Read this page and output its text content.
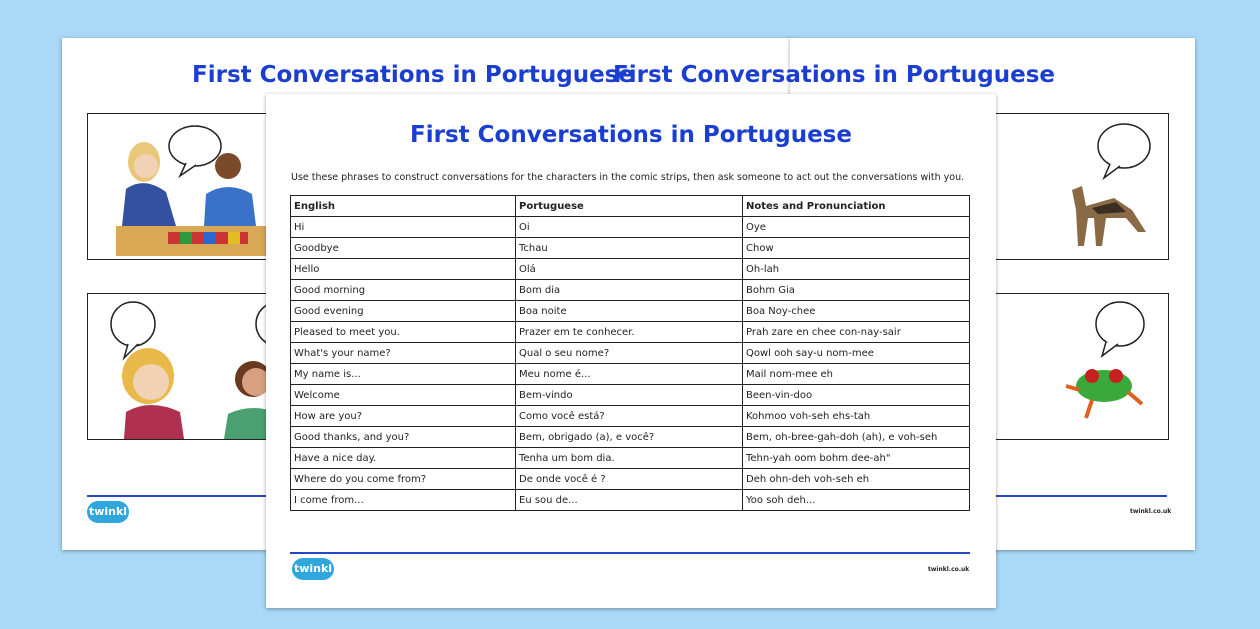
First Conversations in Portuguese
twinkl
First Conversations in Portuguese
twinkl.co.uk
First Conversations in Portuguese
Use these phrases to construct conversations for the characters in the comic strips, then ask someone to act out the conversations with you.
English	Portuguese	Notes and Pronunciation
Hi	Oi	Oye
Goodbye	Tchau	Chow
Hello	Olá	Oh-lah
Good morning	Bom dia	Bohm Gia
Good evening	Boa noite	Boa Noy-chee
Pleased to meet you.	Prazer em te conhecer.	Prah zare en chee con-nay-sair
What's your name?	Qual o seu nome?	Qowl ooh say-u nom-mee
My name is...	Meu nome é...	Mail nom-mee eh
Welcome	Bem-vindo	Been-vin-doo
How are you?	Como você está?	Kohmoo voh-seh ehs-tah
Good thanks, and you?	Bem, obrigado (a), e você?	Bem, oh-bree-gah-doh (ah), e voh-seh
Have a nice day.	Tenha um bom dia.	Tehn-yah oom bohm dee-ah"
Where do you come from?	De onde você é ?	Deh ohn-deh voh-seh eh
I come from...	Eu sou de...	Yoo soh deh...
twinkl	twinkl.co.uk
